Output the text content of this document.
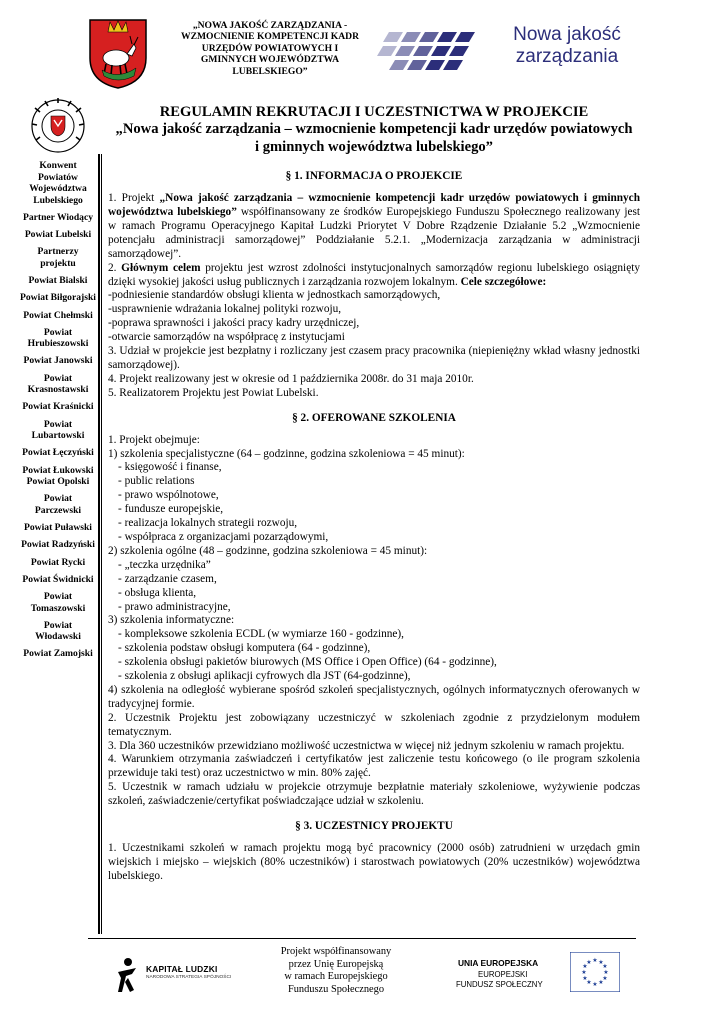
„NOWA JAKOŚĆ ZARZĄDZANIA -
WZMOCNIENIE KOMPETENCJI KADR
URZĘDÓW POWIATOWYCH I
GMINNYCH WOJEWÓDZTWA
LUBELSKIEGO”
Nowa jakość
zarządzania
Konwent Powiatów Województwa Lubelskiego
Partner Wiodący
Powiat Lubelski
Partnerzy projektu
Powiat Bialski
Powiat Biłgorajski
Powiat Chełmski
Powiat Hrubieszowski
Powiat Janowski
Powiat Krasnostawski
Powiat Kraśnicki
Powiat Lubartowski
Powiat Łęczyński
Powiat Łukowski
Powiat Opolski
Powiat Parczewski
Powiat Puławski
Powiat Radzyński
Powiat Rycki
Powiat Świdnicki
Powiat Tomaszowski
Powiat Włodawski
Powiat Zamojski
REGULAMIN REKRUTACJI I UCZESTNICTWA W PROJEKCIE
„Nowa jakość zarządzania – wzmocnienie kompetencji kadr urzędów powiatowych
i gminnych województwa lubelskiego”
§ 1. INFORMACJA O PROJEKCIE

1. Projekt „Nowa jakość zarządzania – wzmocnienie kompetencji kadr urzędów powiatowych i gminnych województwa lubelskiego” współfinansowany ze środków Europejskiego Funduszu Społecznego realizowany jest w ramach Programu Operacyjnego Kapitał Ludzki Priorytet V Dobre Rządzenie Działanie 5.2 „Wzmocnienie potencjału administracji samorządowej” Poddziałanie 5.2.1. „Modernizacja zarządzania w administracji samorządowej”.

2. Głównym celem projektu jest wzrost zdolności instytucjonalnych samorządów regionu lubelskiego osiągnięty dzięki wysokiej jakości usług publicznych i zarządzania rozwojem lokalnym. Cele szczegółowe:

-podniesienie standardów obsługi klienta w jednostkach samorządowych,

-usprawnienie wdrażania lokalnej polityki rozwoju,

-poprawa sprawności i jakości pracy kadry urzędniczej,

-otwarcie samorządów na współpracę z instytucjami

3. Udział w projekcie jest bezpłatny i rozliczany jest czasem pracy pracownika (niepieniężny wkład własny jednostki samorządowej).

4. Projekt realizowany jest w okresie od 1 października 2008r. do 31 maja 2010r.

5. Realizatorem Projektu jest Powiat Lubelski.

§ 2. OFEROWANE SZKOLENIA

1. Projekt obejmuje:

1) szkolenia specjalistyczne (64 – godzinne, godzina szkoleniowa = 45 minut):

- księgowość i finanse,

- public relations

- prawo wspólnotowe,

- fundusze europejskie,

- realizacja lokalnych strategii rozwoju,

- współpraca z organizacjami pozarządowymi,

2) szkolenia ogólne (48 – godzinne, godzina szkoleniowa = 45 minut):

- „teczka urzędnika”

- zarządzanie czasem,

- obsługa klienta,

- prawo administracyjne,

3) szkolenia informatyczne:

- kompleksowe szkolenia ECDL (w wymiarze 160 - godzinne),

- szkolenia podstaw obsługi komputera (64 - godzinne),

- szkolenia obsługi pakietów biurowych (MS Office i Open Office) (64 - godzinne),

- szkolenia z obsługi aplikacji cyfrowych dla JST (64-godzinne),

4) szkolenia na odległość wybierane spośród szkoleń specjalistycznych, ogólnych informatycznych oferowanych w tradycyjnej formie.

2. Uczestnik Projektu jest zobowiązany uczestniczyć w szkoleniach zgodnie z przydzielonym modułem tematycznym.

3. Dla 360 uczestników przewidziano możliwość uczestnictwa w więcej niż jednym szkoleniu w ramach projektu.

4. Warunkiem otrzymania zaświadczeń i certyfikatów jest zaliczenie testu końcowego (o ile program szkolenia przewiduje taki test) oraz uczestnictwo w min. 80% zajęć.

5. Uczestnik w ramach udziału w projekcie otrzymuje bezpłatnie materiały szkoleniowe, wyżywienie podczas szkoleń, zaświadczenie/certyfikat poświadczające udział w szkoleniu.

§ 3. UCZESTNICY PROJEKTU

1. Uczestnikami szkoleń w ramach projektu mogą być pracownicy (2000 osób) zatrudnieni w urzędach gmin wiejskich i miejsko – wiejskich (80% uczestników) i starostwach powiatowych (20% uczestników) województwa lubelskiego.

KAPITAŁ LUDZKI
NARODOWA STRATEGIA SPÓJNOŚCI
Projekt współfinansowany
przez Unię Europejską
w ramach Europejskiego
Funduszu Społecznego
UNIA EUROPEJSKA
EUROPEJSKI
FUNDUSZ SPOŁECZNY
★ ★
★
★
★
★
★
★
★
★
★
★
